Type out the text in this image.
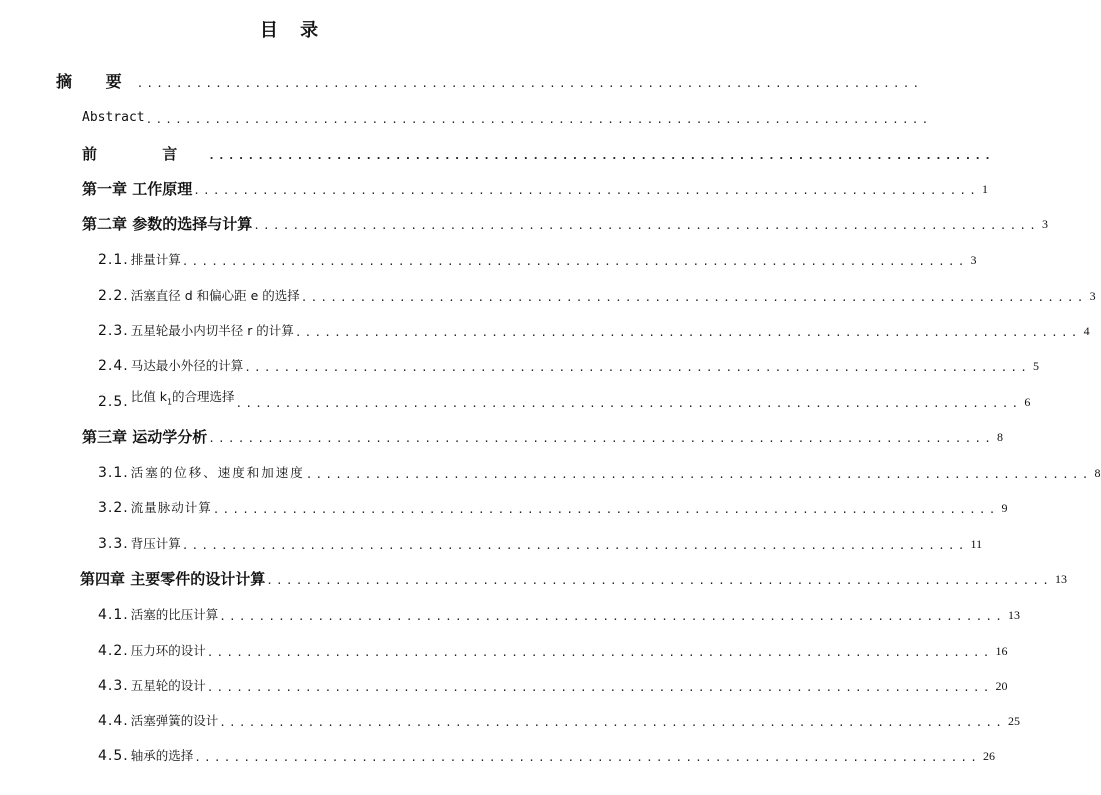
目 录
摘 要 ................................................................................
Abstract ................................................................................
前 言 ................................................................................
第一章 工作原理 ................................................................................ 1
第二章 参数的选择与计算 ................................................................................ 3
2.1. 排量计算 ................................................................................ 3
2.2. 活塞直径 d 和偏心距 e 的选择 ................................................................................ 3
2.3. 五星轮最小内切半径 r 的计算 ................................................................................ 4
2.4. 马达最小外径的计算 ................................................................................ 5
2.5. 比值 $k_1$的合理选择 ................................................................................ 6
第三章 运动学分析 ................................................................................ 8
3.1. 活塞的位移、速度和加速度 ................................................................................ 8
3.2. 流量脉动计算 ................................................................................ 9
3.3. 背压计算 ................................................................................ 11
第四章 主要零件的设计计算 ................................................................................ 13
4.1. 活塞的比压计算 ................................................................................ 13
4.2. 压力环的设计 ................................................................................ 16
4.3. 五星轮的设计 ................................................................................ 20
4.4. 活塞弹簧的设计 ................................................................................ 25
4.5. 轴承的选择 ................................................................................ 26
